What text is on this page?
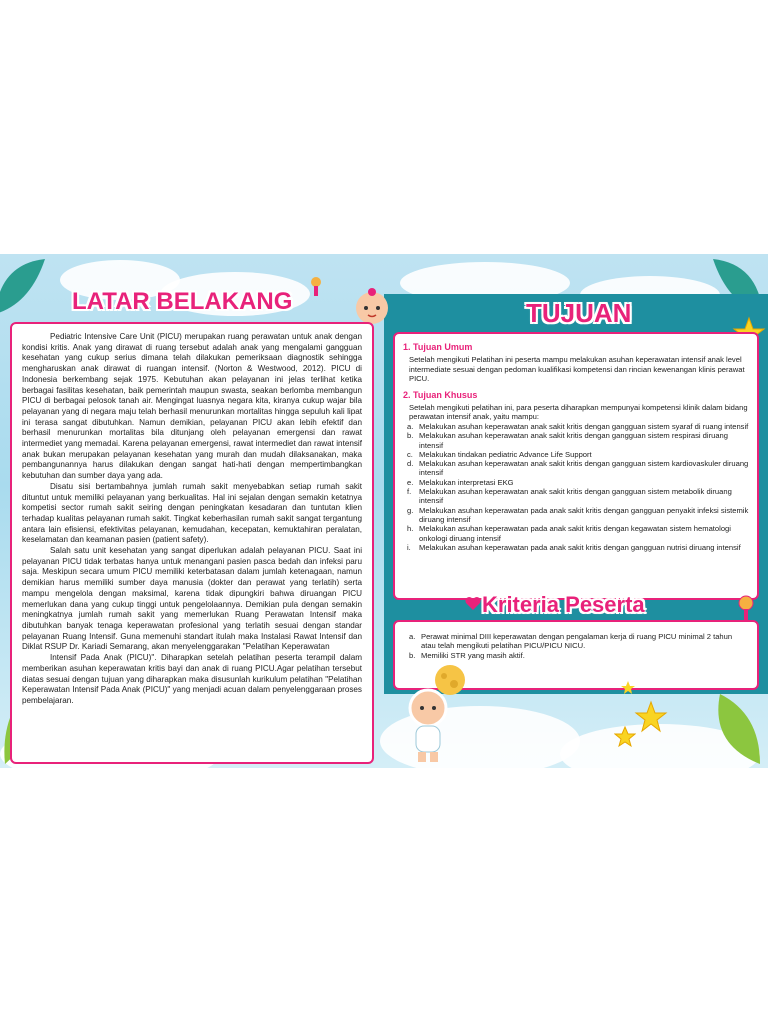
LATAR BELAKANG

Pediatric Intensive Care Unit (PICU) merupakan ruang perawatan untuk anak dengan kondisi kritis. Anak yang dirawat di ruang tersebut adalah anak yang mengalami gangguan kesehatan yang cukup serius dimana telah dilakukan pemeriksaan diagnostik sehingga mengharuskan anak dirawat di ruangan intensif. (Norton & Westwood, 2012). PICU di Indonesia berkembang sejak 1975. Kebutuhan akan pelayanan ini jelas terlihat ketika berbagai fasilitas kesehatan, baik pemerintah maupun swasta, seakan berlomba membangun PICU di berbagai pelosok tanah air. Mengingat luasnya negara kita, kiranya cukup wajar bila pelayanan yang di negara maju telah berhasil menurunkan mortalitas hingga sepuluh kali lipat ini terasa sangat dibutuhkan. Namun demikian, pelayanan PICU akan lebih efektif dan berhasil menurunkan mortalitas bila ditunjang oleh pelayanan emergensi dan rawat intermediet yang memadai. Karena pelayanan emergensi, rawat intermediet dan rawat intensif anak bukan merupakan pelayanan kesehatan yang murah dan mudah dilaksanakan, maka pembangunannya harus dilakukan dengan sangat hati-hati dengan mempertimbangkan kebutuhan dan sumber daya yang ada.

Disatu sisi bertambahnya jumlah rumah sakit menyebabkan setiap rumah sakit dituntut untuk memiliki pelayanan yang berkualitas. Hal ini sejalan dengan semakin ketatnya kompetisi sector rumah sakit seiring dengan peningkatan kesadaran dan tuntutan klien terhadap kualitas pelayanan rumah sakit. Tingkat keberhasilan rumah sakit sangat tergantung antara lain efisiensi, efektivitas pelayanan, kemudahan, kecepatan, kemuktahiran peralatan, keselamatan dan keamanan pasien (patient safety).

Salah satu unit kesehatan yang sangat diperlukan adalah pelayanan PICU. Saat ini pelayanan PICU tidak terbatas hanya untuk menangani pasien pasca bedah dan infeksi paru saja. Meskipun secara umum PICU memiliki keterbatasan dalam jumlah ketenagaan, namun demikian harus memiliki sumber daya manusia (dokter dan perawat yang terlatih) serta mampu mengelola dengan maksimal, karena tidak dipungkiri bahwa diruangan PICU memerlukan dana yang cukup tinggi untuk pengelolaannya. Demikian pula dengan semakin meningkatnya jumlah rumah sakit yang memerlukan Ruang Perawatan Intensif maka dibutuhkan banyak tenaga keperawatan profesional yang terlatih sesuai dengan standar pelayanan Ruang Intensif. Guna memenuhi standart itulah maka Instalasi Rawat Intensif dan Diklat RSUP Dr. Kariadi Semarang, akan menyelenggarakan "Pelatihan Keperawatan

Intensif Pada Anak (PICU)". Diharapkan setelah pelatihan peserta terampil dalam memberikan asuhan keperawatan kritis bayi dan anak di ruang PICU.Agar pelatihan tersebut diatas sesuai dengan tujuan yang diharapkan maka disusunlah kurikulum pelatihan "Pelatihan Keperawatan Intensif Pada Anak (PICU)" yang menjadi acuan dalam penyelenggaraan proses pembelajaran.

TUJUAN
1. Tujuan Umum
Setelah mengikuti Pelatihan ini peserta mampu melakukan asuhan keperawatan intensif anak level intermediate sesuai dengan pedoman kualifikasi kompetensi dan rincian kewenangan klinis perawat PICU.
2. Tujuan Khusus
Setelah mengikuti pelatihan ini, para peserta diharapkan mempunyai kompetensi klinik dalam bidang perawatan intensif anak, yaitu mampu:
a. Melakukan asuhan keperawatan anak sakit kritis dengan gangguan sistem syaraf di ruang intensif
b. Melakukan asuhan keperawatan anak sakit kritis dengan gangguan sistem respirasi diruang intensif
c. Melakukan tindakan pediatric Advance Life Support
d. Melakukan asuhan keperawatan anak sakit kritis dengan gangguan sistem kardiovaskuler diruang intensif
e. Melakukan interpretasi EKG
f.	Melakukan asuhan keperawatan anak sakit kritis dengan gangguan sistem metabolik diruang intensif
g. Melakukan asuhan keperawatan pada anak sakit kritis dengan gangguan penyakit infeksi sistemik diruang intensif
h. Melakukan asuhan keperawatan pada anak sakit kritis dengan kegawatan sistem hematologi onkologi diruang intensif
i.	Melakukan asuhan keperawatan pada anak sakit kritis dengan gangguan nutrisi diruang intensif
Kriteria Peserta
a. Perawat minimal DIII keperawatan dengan pengalaman kerja di ruang PICU minimal 2 tahun atau telah mengikuti pelatihan PICU/PICU NICU.
b. Memiliki STR yang masih aktif.
